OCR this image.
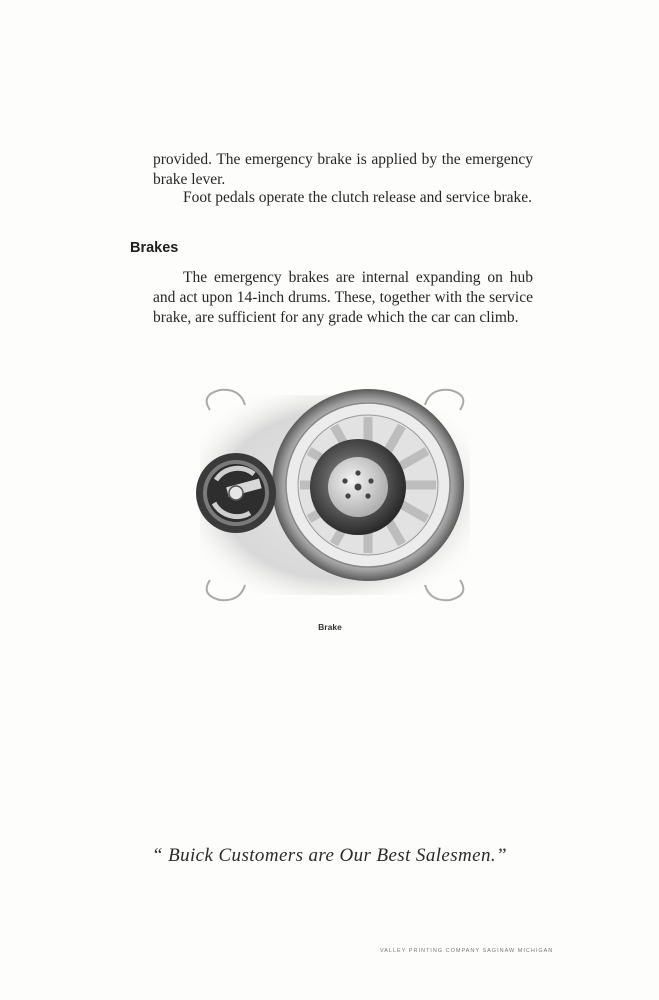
provided. The emergency brake is applied by the emergency brake lever.

Foot pedals operate the clutch release and service brake.

Brakes

The emergency brakes are internal expanding on hub and act upon 14-inch drums. These, together with the service brake, are sufficient for any grade which the car can climb.

Brake
“ Buick Customers are Our Best Salesmen.”
VALLEY PRINTING COMPANY SAGINAW MICHIGAN
